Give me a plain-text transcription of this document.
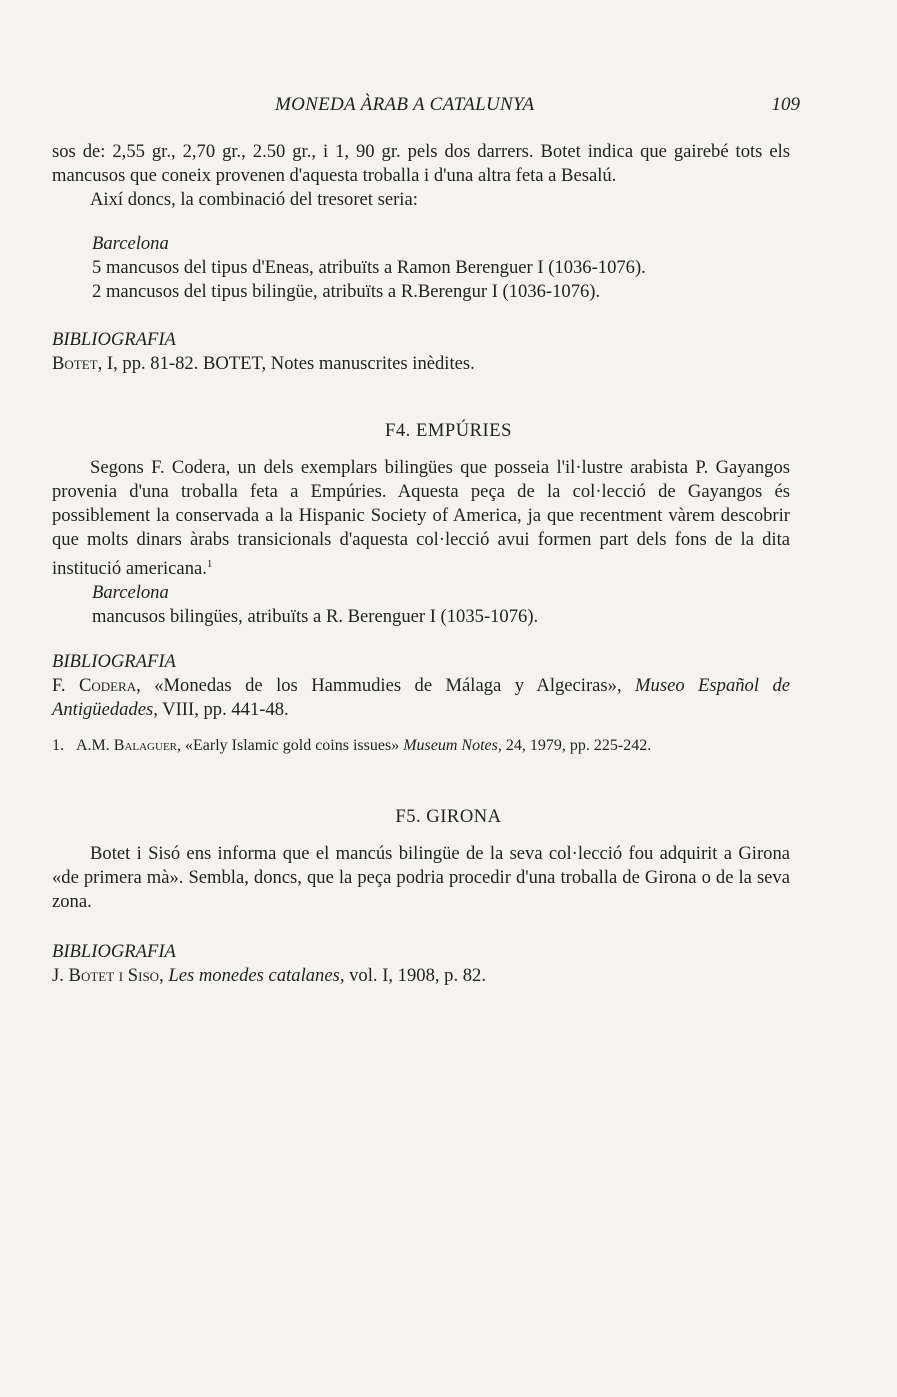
MONEDA ÀRAB A CATALUNYA	109

sos de: 2,55 gr., 2,70 gr., 2.50 gr., i 1, 90 gr. pels dos darrers. Botet indica que gairebé tots els mancusos que coneix provenen d'aquesta troballa i d'una altra feta a Besalú.

Així doncs, la combinació del tresoret seria:

Barcelona

5 mancusos del tipus d'Eneas, atribuïts a Ramon Berenguer I (1036-1076).

2 mancusos del tipus bilingüe, atribuïts a R.Berengur I (1036-1076).

BIBLIOGRAFIA

Botet, I, pp. 81-82. BOTET, Notes manuscrites inèdites.

F4. EMPÚRIES

Segons F. Codera, un dels exemplars bilingües que posseia l'il·lustre arabista P. Gayangos provenia d'una troballa feta a Empúries. Aquesta peça de la col·lecció de Gayangos és possiblement la conservada a la Hispanic Society of America, ja que recentment vàrem descobrir que molts dinars àrabs transicionals d'aquesta col·lecció avui formen part dels fons de la dita institució americana.$^1$

Barcelona

mancusos bilingües, atribuïts a R. Berenguer I (1035-1076).

BIBLIOGRAFIA

F. Codera, «Monedas de los Hammudies de Málaga y Algeciras», Museo Español de Antigüedades, VIII, pp. 441-48.

1. A.M. Balaguer, «Early Islamic gold coins issues» Museum Notes, 24, 1979, pp. 225-242.

F5. GIRONA

Botet i Sisó ens informa que el mancús bilingüe de la seva col·lecció fou adquirit a Girona «de primera mà». Sembla, doncs, que la peça podria procedir d'una troballa de Girona o de la seva zona.

BIBLIOGRAFIA

J. Botet i Siso, Les monedes catalanes, vol. I, 1908, p. 82.
